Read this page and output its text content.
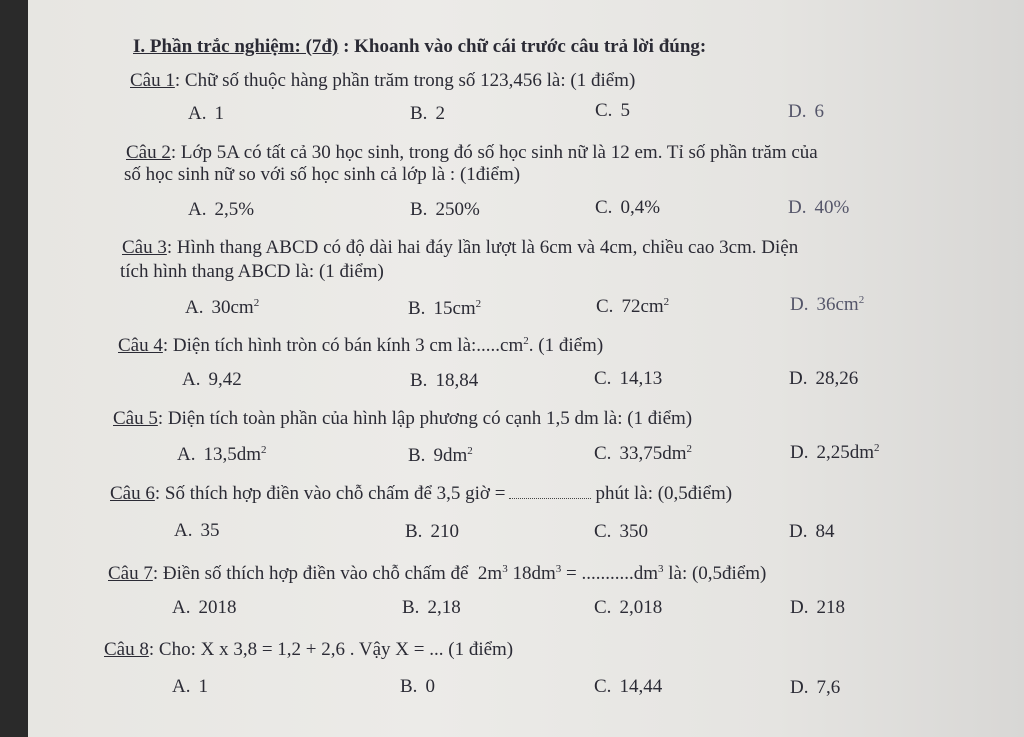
I. Phần trắc nghiệm: (7đ) : Khoanh vào chữ cái trước câu trả lời đúng:
Câu 1: Chữ số thuộc hàng phần trăm trong số 123,456 là: (1 điểm)
A. 1	B. 2	C. 5	D. 6
Câu 2: Lớp 5A có tất cả 30 học sinh, trong đó số học sinh nữ là 12 em. Tỉ số phần trăm của
số học sinh nữ so với số học sinh cả lớp là : (1điểm)
A. 2,5%	B. 250%	C. 0,4%	D. 40%
Câu 3: Hình thang ABCD có độ dài hai đáy lần lượt là 6cm và 4cm, chiều cao 3cm. Diện
tích hình thang ABCD là: (1 điểm)
A. $30cm^2$	B. $15cm^2$	C. $72cm^2$	D. $36cm^2$
Câu 4: Diện tích hình tròn có bán kính 3 cm $là:.....cm^2$. (1 điểm)
A. 9,42	B. 18,84	C. 14,13	D. 28,26
Câu 5: Diện tích toàn phần của hình lập phương có cạnh 1,5 dm là: (1 điểm)
A. $13,5dm^2$	B. $9dm^2$	C. $33,75dm^2$	D. $2,25dm^2$
Câu 6: Số thích hợp điền vào chỗ chấm để 3,5 giờ =	phút là: (0,5điểm)
A. 35	B. 210	C. 350	D. 84
Câu 7: Điền số thích hợp điền vào chỗ chấm để $2m^3$ $18dm^3 = ...........dm^3$ là: (0,5điểm)
A. 2018	B. 2,18	C. 2,018	D. 218
Câu 8: Cho: X x 3,8 = 1,2 + 2,6 . Vậy X = ... (1 điểm)
A. 1	B. 0	C. 14,44	D. 7,6
